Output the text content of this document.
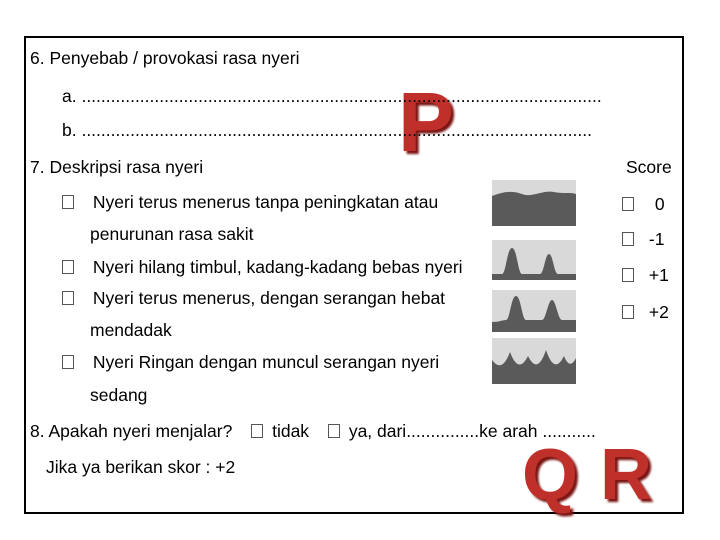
P
6. Penyebab / provokasi rasa nyeri
a. ...........................................................................................................
b. .........................................................................................................
7. Deskripsi rasa nyeri	Score
Nyeri terus menerus tanpa peningkatan atau
penurunan rasa sakit
Nyeri hilang timbul, kadang-kadang bebas nyeri
Nyeri terus menerus, dengan serangan hebat
mendadak
Nyeri Ringan dengan muncul serangan nyeri
sedang
0
-1
+1
+2
8. Apakah nyeri menjalar? tidak ya, dari...............ke arah ...........
Jika ya berikan skor : +2	QR
